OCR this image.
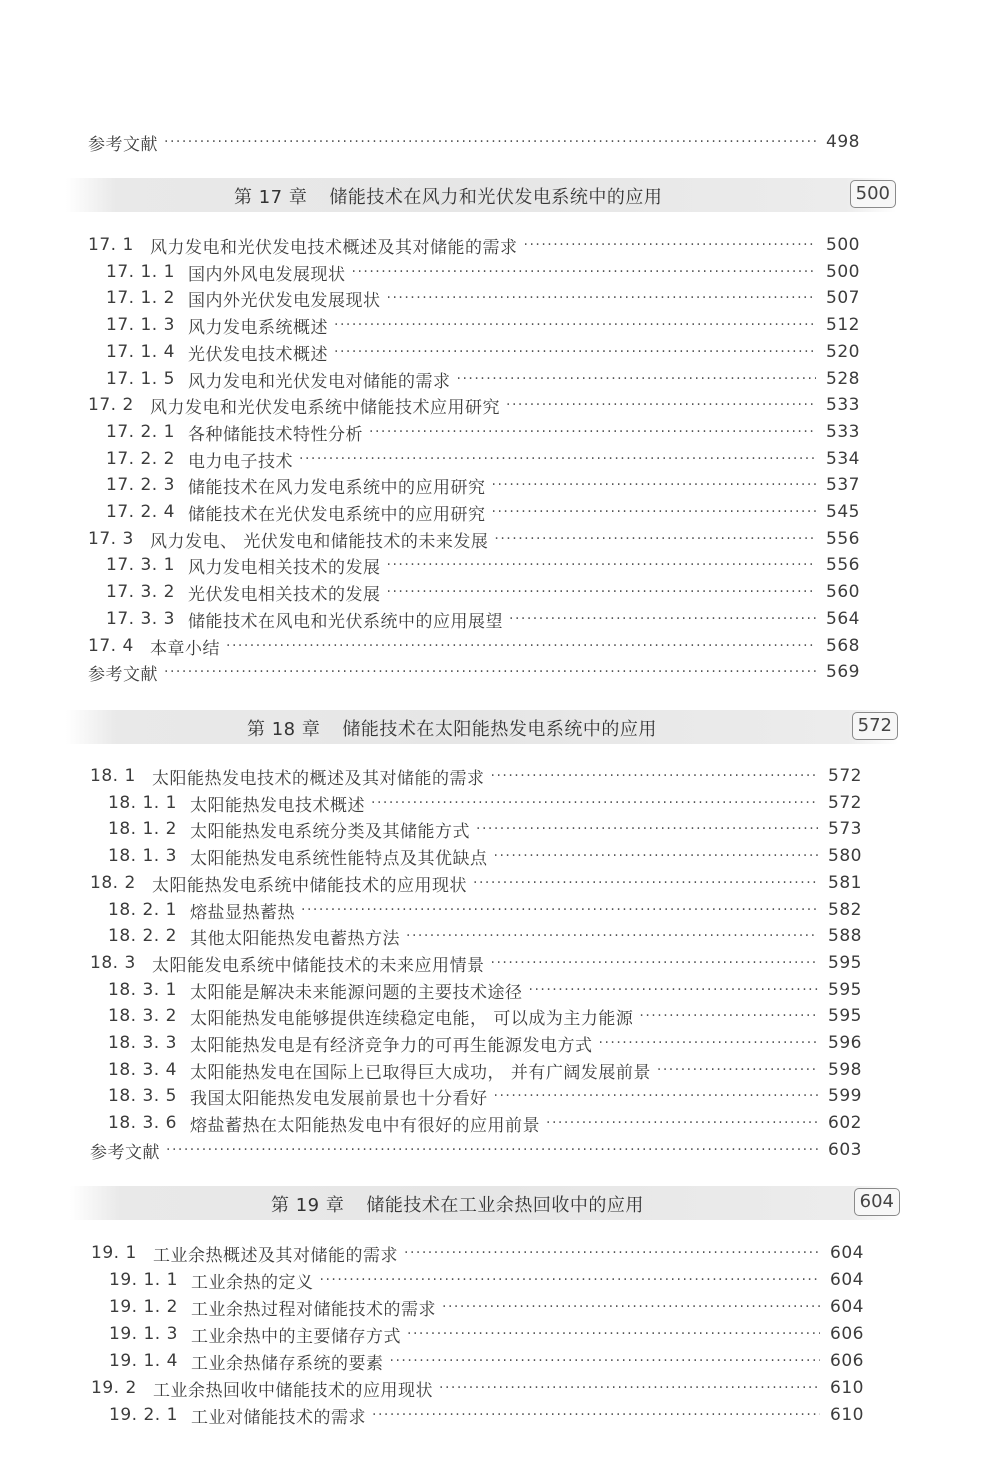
参考文献 ·····	498
第 17 章 储能技术在风力和光伏发电系统中的应用	500
17. 1 风力发电和光伏发电技术概述及其对储能的需求 ·····	500
17. 1. 1 国内外风电发展现状 ·····	500
17. 1. 2 国内外光伏发电发展现状 ·····	507
17. 1. 3 风力发电系统概述 ·····	512
17. 1. 4 光伏发电技术概述 ·····	520
17. 1. 5 风力发电和光伏发电对储能的需求 ·····	528
17. 2 风力发电和光伏发电系统中储能技术应用研究 ·····	533
17. 2. 1 各种储能技术特性分析 ·····	533
17. 2. 2 电力电子技术 ·····	534
17. 2. 3 储能技术在风力发电系统中的应用研究 ·····	537
17. 2. 4 储能技术在光伏发电系统中的应用研究 ·····	545
17. 3 风力发电、 光伏发电和储能技术的未来发展 ·····	556
17. 3. 1 风力发电相关技术的发展 ·····	556
17. 3. 2 光伏发电相关技术的发展 ·····	560
17. 3. 3 储能技术在风电和光伏系统中的应用展望 ·····	564
17. 4 本章小结 ·····	568
参考文献 ·····	569
第 18 章 储能技术在太阳能热发电系统中的应用	572
18. 1 太阳能热发电技术的概述及其对储能的需求 ·····	572
18. 1. 1 太阳能热发电技术概述 ·····	572
18. 1. 2 太阳能热发电系统分类及其储能方式 ·····	573
18. 1. 3 太阳能热发电系统性能特点及其优缺点 ·····	580
18. 2 太阳能热发电系统中储能技术的应用现状 ·····	581
18. 2. 1 熔盐显热蓄热 ·····	582
18. 2. 2 其他太阳能热发电蓄热方法 ·····	588
18. 3 太阳能发电系统中储能技术的未来应用情景 ·····	595
18. 3. 1 太阳能是解决未来能源问题的主要技术途径 ·····	595
18. 3. 2 太阳能热发电能够提供连续稳定电能， 可以成为主力能源 ·····	595
18. 3. 3 太阳能热发电是有经济竞争力的可再生能源发电方式 ·····	596
18. 3. 4 太阳能热发电在国际上已取得巨大成功， 并有广阔发展前景 ·····	598
18. 3. 5 我国太阳能热发电发展前景也十分看好 ·····	599
18. 3. 6 熔盐蓄热在太阳能热发电中有很好的应用前景 ·····	602
参考文献 ·····	603
第 19 章 储能技术在工业余热回收中的应用	604
19. 1 工业余热概述及其对储能的需求 ·····	604
19. 1. 1 工业余热的定义 ·····	604
19. 1. 2 工业余热过程对储能技术的需求 ·····	604
19. 1. 3 工业余热中的主要储存方式 ·····	606
19. 1. 4 工业余热储存系统的要素 ·····	606
19. 2 工业余热回收中储能技术的应用现状 ·····	610
19. 2. 1 工业对储能技术的需求 ·····	610
